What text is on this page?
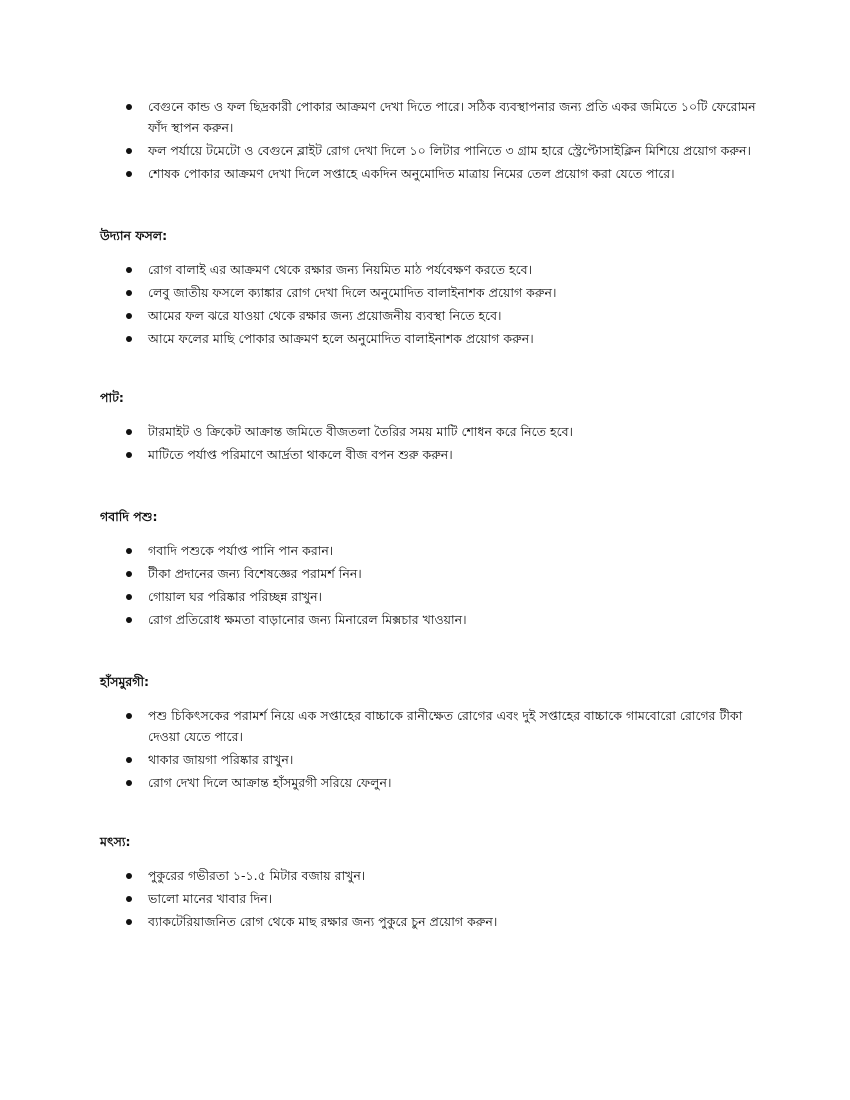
বেগুনে কান্ড ও ফল ছিদ্রকারী পোকার আক্রমণ দেখা দিতে পারে। সঠিক ব্যবস্থাপনার জন্য প্রতি একর জমিতে ১০টি ফেরোমন ফাঁদ স্থাপন করুন।
ফল পর্যায়ে টমেটো ও বেগুনে ব্লাইট রোগ দেখা দিলে ১০ লিটার পানিতে ৩ গ্রাম হারে স্ট্রেপ্টোসাইক্লিন মিশিয়ে প্রয়োগ করুন।
শোষক পোকার আক্রমণ দেখা দিলে সপ্তাহে একদিন অনুমোদিত মাত্রায় নিমের তেল প্রয়োগ করা যেতে পারে।
উদ্যান ফসল:
রোগ বালাই এর আক্রমণ থেকে রক্ষার জন্য নিয়মিত মাঠ পর্যবেক্ষণ করতে হবে।
লেবু জাতীয় ফসলে ক্যাঙ্কার রোগ দেখা দিলে অনুমোদিত বালাইনাশক প্রয়োগ করুন।
আমের ফল ঝরে যাওয়া থেকে রক্ষার জন্য প্রয়োজনীয় ব্যবস্থা নিতে হবে।
আমে ফলের মাছি পোকার আক্রমণ হলে অনুমোদিত বালাইনাশক প্রয়োগ করুন।
পাট:
টারমাইট ও ক্রিকেট আক্রান্ত জমিতে বীজতলা তৈরির সময় মাটি শোধন করে নিতে হবে।
মাটিতে পর্যাপ্ত পরিমাণে আর্দ্রতা থাকলে বীজ বপন শুরু করুন।
গবাদি পশু:
গবাদি পশুকে পর্যাপ্ত পানি পান করান।
টীকা প্রদানের জন্য বিশেষজ্ঞের পরামর্শ নিন।
গোয়াল ঘর পরিষ্কার পরিচ্ছন্ন রাখুন।
রোগ প্রতিরোধ ক্ষমতা বাড়ানোর জন্য মিনারেল মিক্সচার খাওয়ান।
হাঁসমুরগী:
পশু চিকিৎসকের পরামর্শ নিয়ে এক সপ্তাহের বাচ্চাকে রানীক্ষেত রোগের এবং দুই সপ্তাহের বাচ্চাকে গামবোরো রোগের টীকা দেওয়া যেতে পারে।
থাকার জায়গা পরিষ্কার রাখুন।
রোগ দেখা দিলে আক্রান্ত হাঁসমুরগী সরিয়ে ফেলুন।
মৎস্য:
পুকুরের গভীরতা ১-১.৫ মিটার বজায় রাখুন।
ভালো মানের খাবার দিন।
ব্যাকটেরিয়াজনিত রোগ থেকে মাছ রক্ষার জন্য পুকুরে চুন প্রয়োগ করুন।
